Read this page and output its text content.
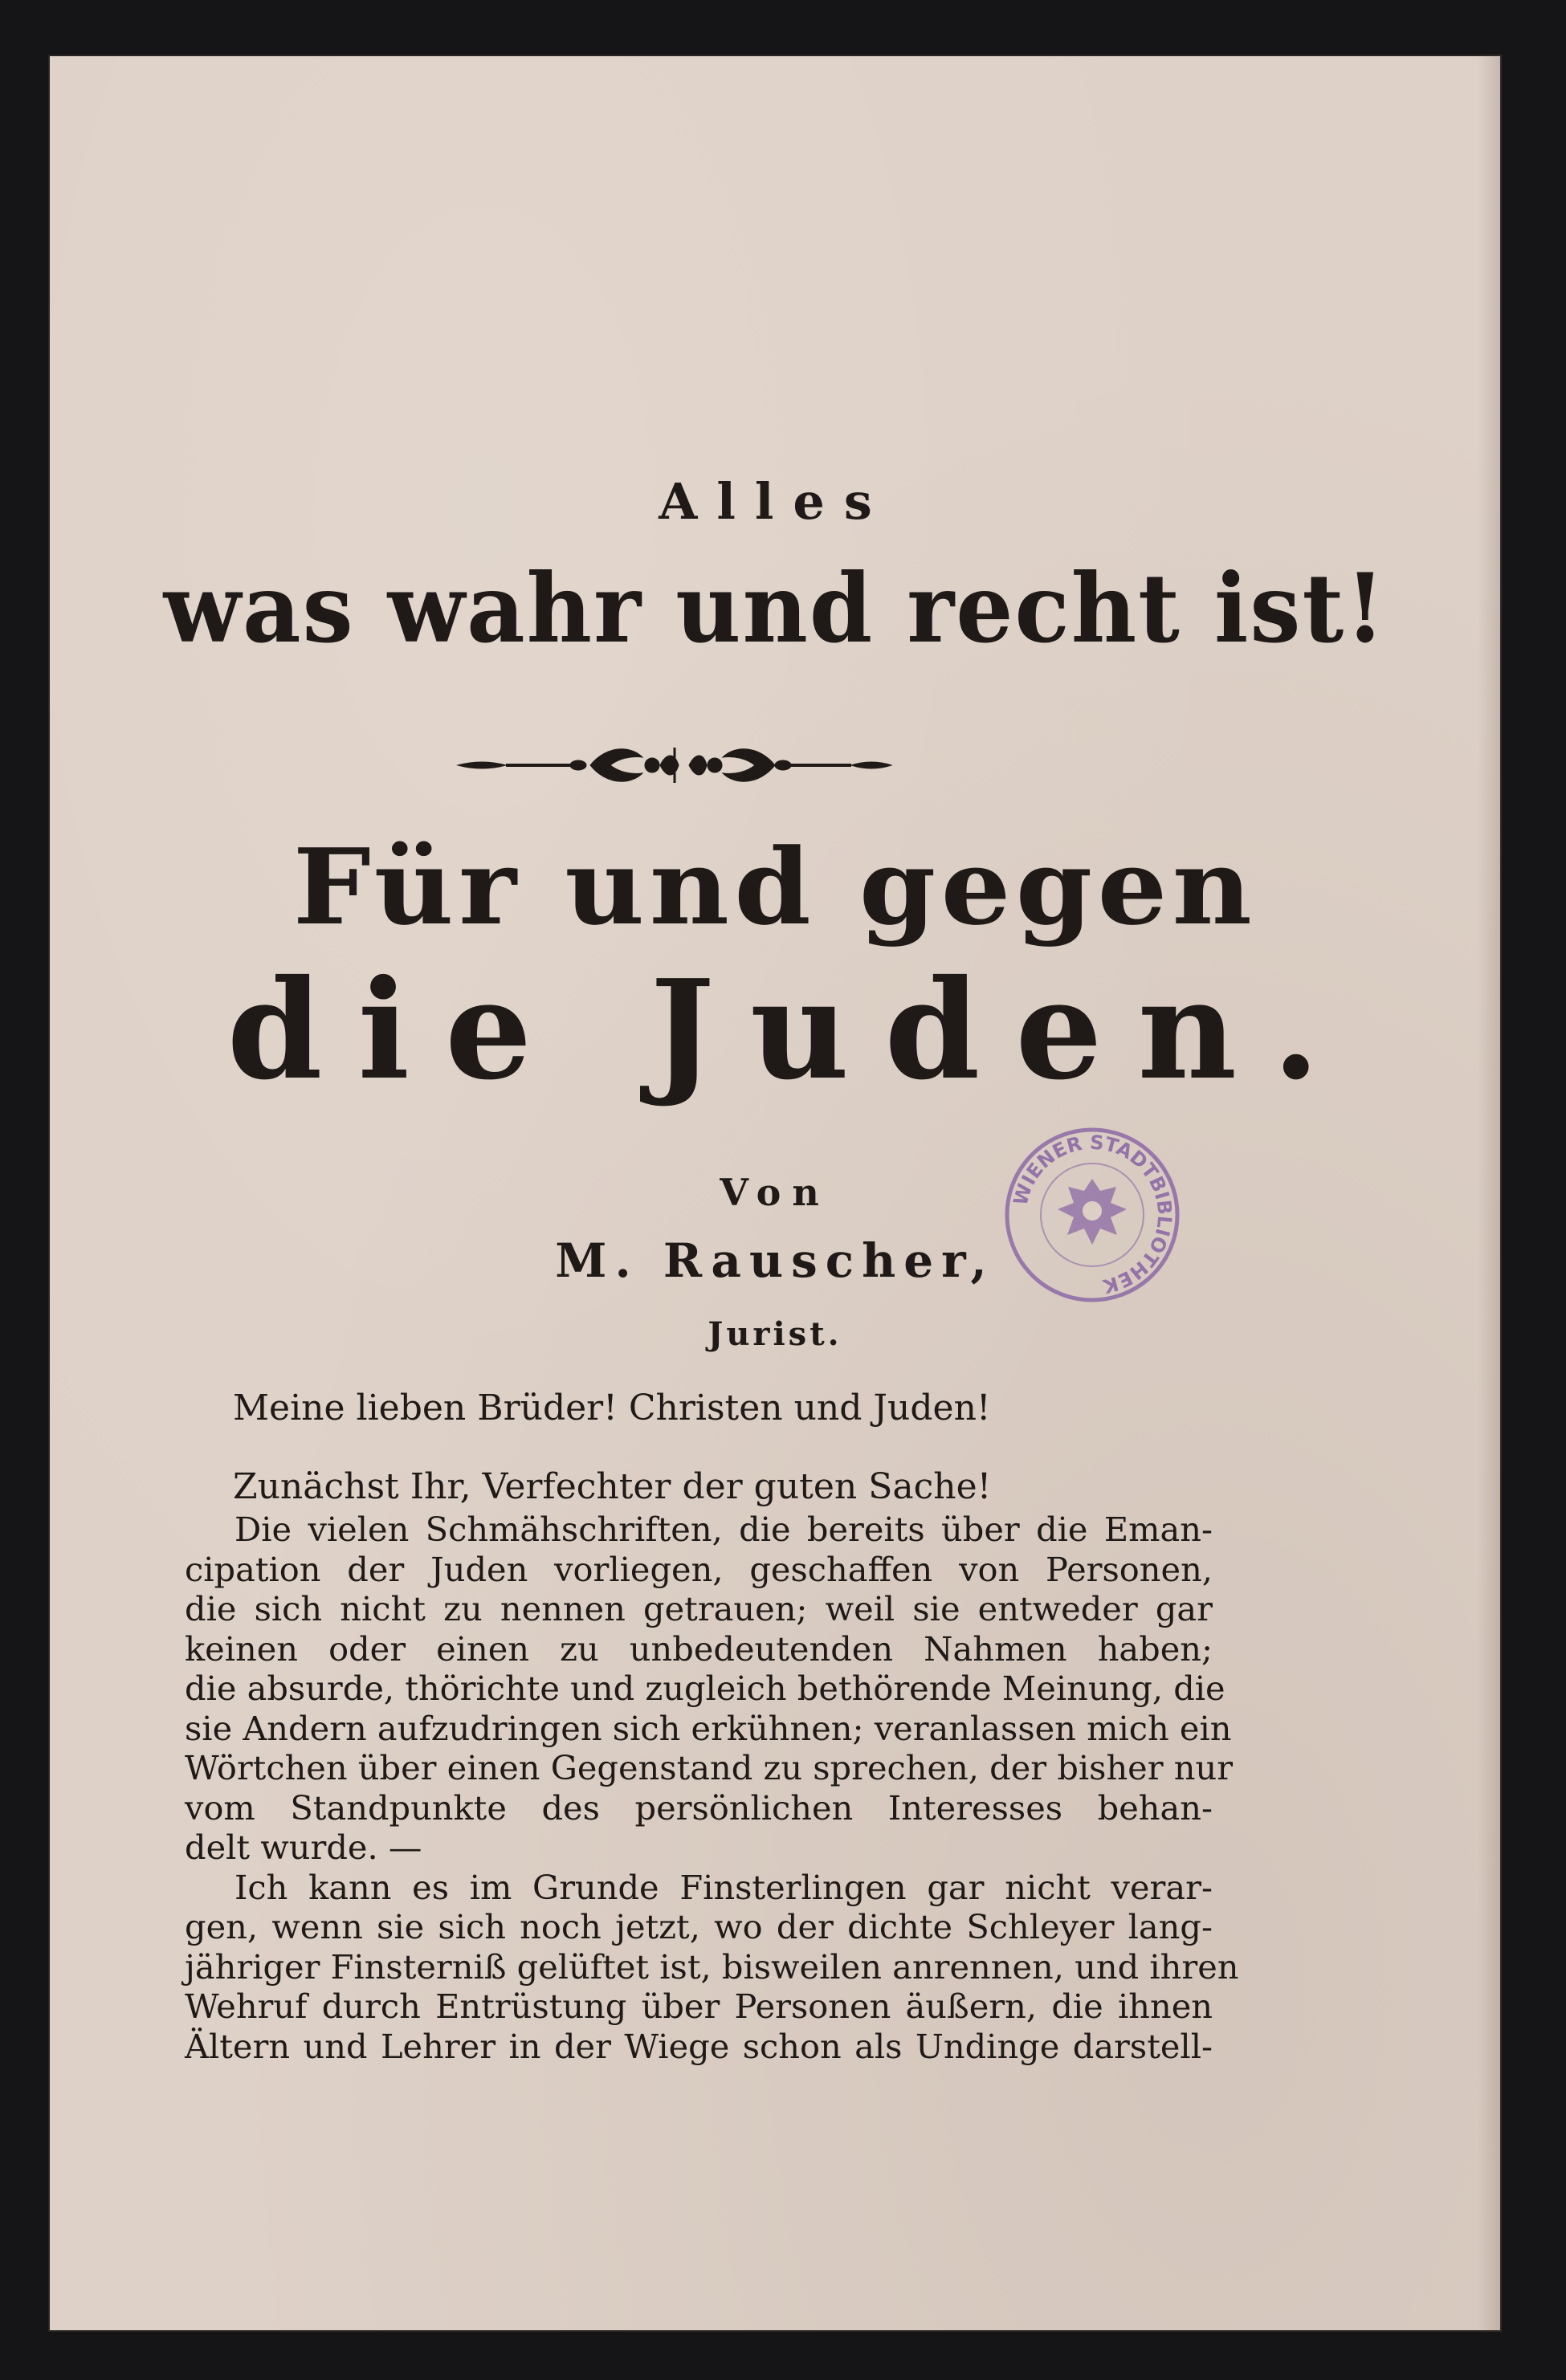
Alles
was wahr und recht ist!
Für und gegen
die Juden.
Von
M. Rauscher,
Jurist.
WIENER STADTBIBLIOTHEK
Meine lieben Brüder! Christen und Juden!
Zunächst Ihr, Verfechter der guten Sache!
Die vielen Schmähschriften, die bereits über die Eman-
cipation der Juden vorliegen, geschaffen von Personen,
die sich nicht zu nennen getrauen; weil sie entweder gar
keinen oder einen zu unbedeutenden Nahmen haben;
die absurde, thörichte und zugleich bethörende Meinung, die
sie Andern aufzudringen sich erkühnen; veranlassen mich ein
Wörtchen über einen Gegenstand zu sprechen, der bisher nur
vom Standpunkte des persönlichen Interesses behan-
delt wurde. —
Ich kann es im Grunde Finsterlingen gar nicht verar-
gen, wenn sie sich noch jetzt, wo der dichte Schleyer lang-
jähriger Finsterniß gelüftet ist, bisweilen anrennen, und ihren
Wehruf durch Entrüstung über Personen äußern, die ihnen
Ältern und Lehrer in der Wiege schon als Undinge darstell-
